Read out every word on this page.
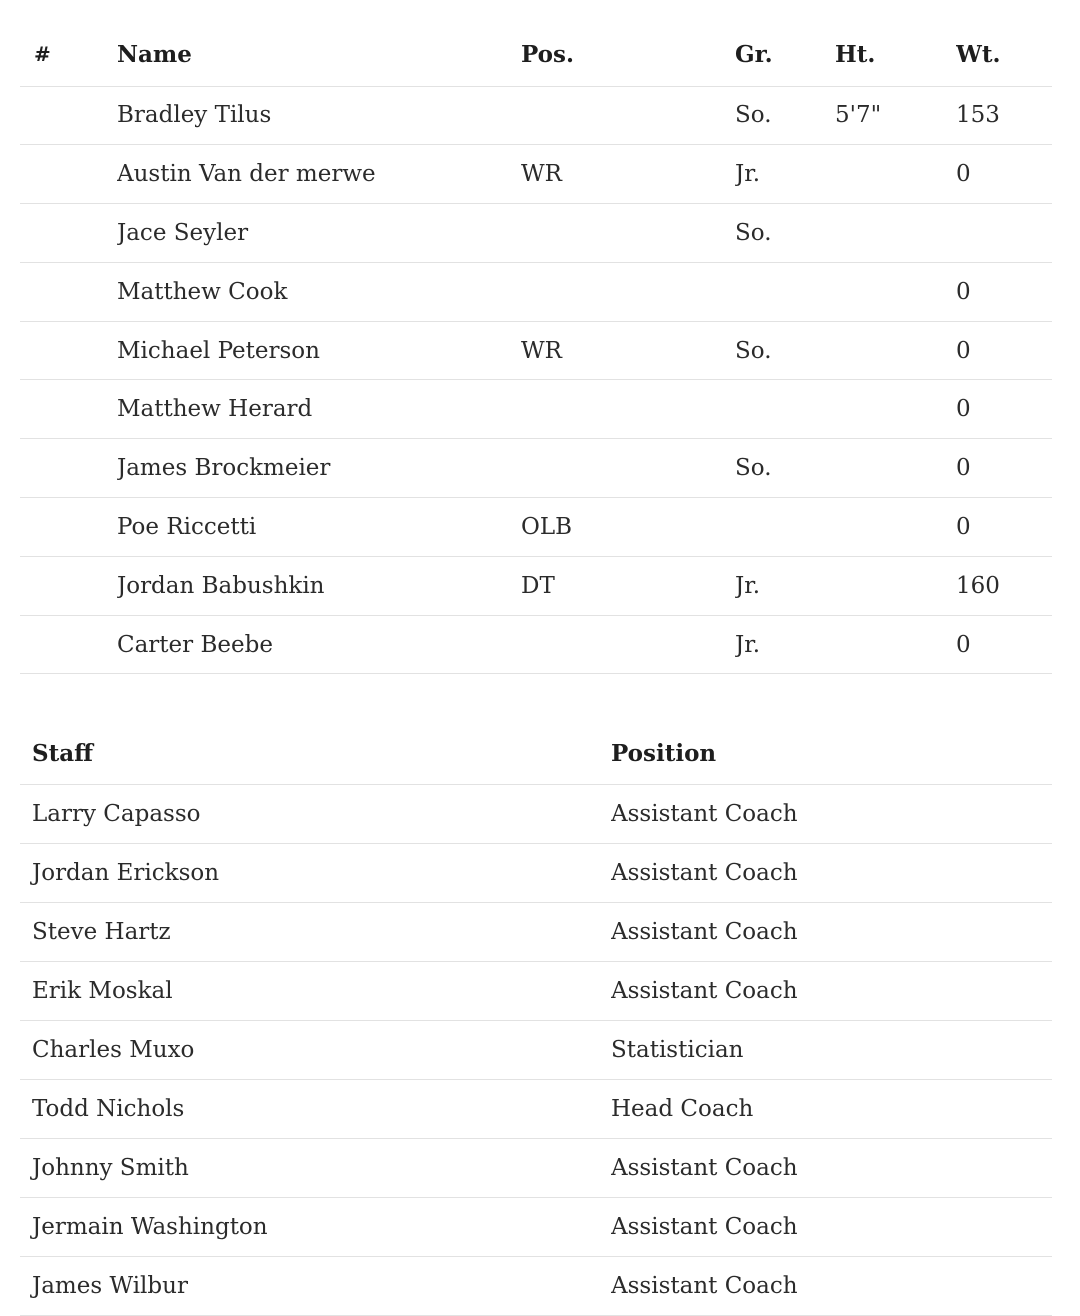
#	Name	Pos.	Gr.	Ht.	Wt.
	Bradley Tilus		So.	5'7"	153
	Austin Van der merwe	WR	Jr.		0
	Jace Seyler		So.		
	Matthew Cook				0
	Michael Peterson	WR	So.		0
	Matthew Herard				0
	James Brockmeier		So.		0
	Poe Riccetti	OLB			0
	Jordan Babushkin	DT	Jr.		160
	Carter Beebe		Jr.		0
Staff	Position
Larry Capasso	Assistant Coach
Jordan Erickson	Assistant Coach
Steve Hartz	Assistant Coach
Erik Moskal	Assistant Coach
Charles Muxo	Statistician
Todd Nichols	Head Coach
Johnny Smith	Assistant Coach
Jermain Washington	Assistant Coach
James Wilbur	Assistant Coach
